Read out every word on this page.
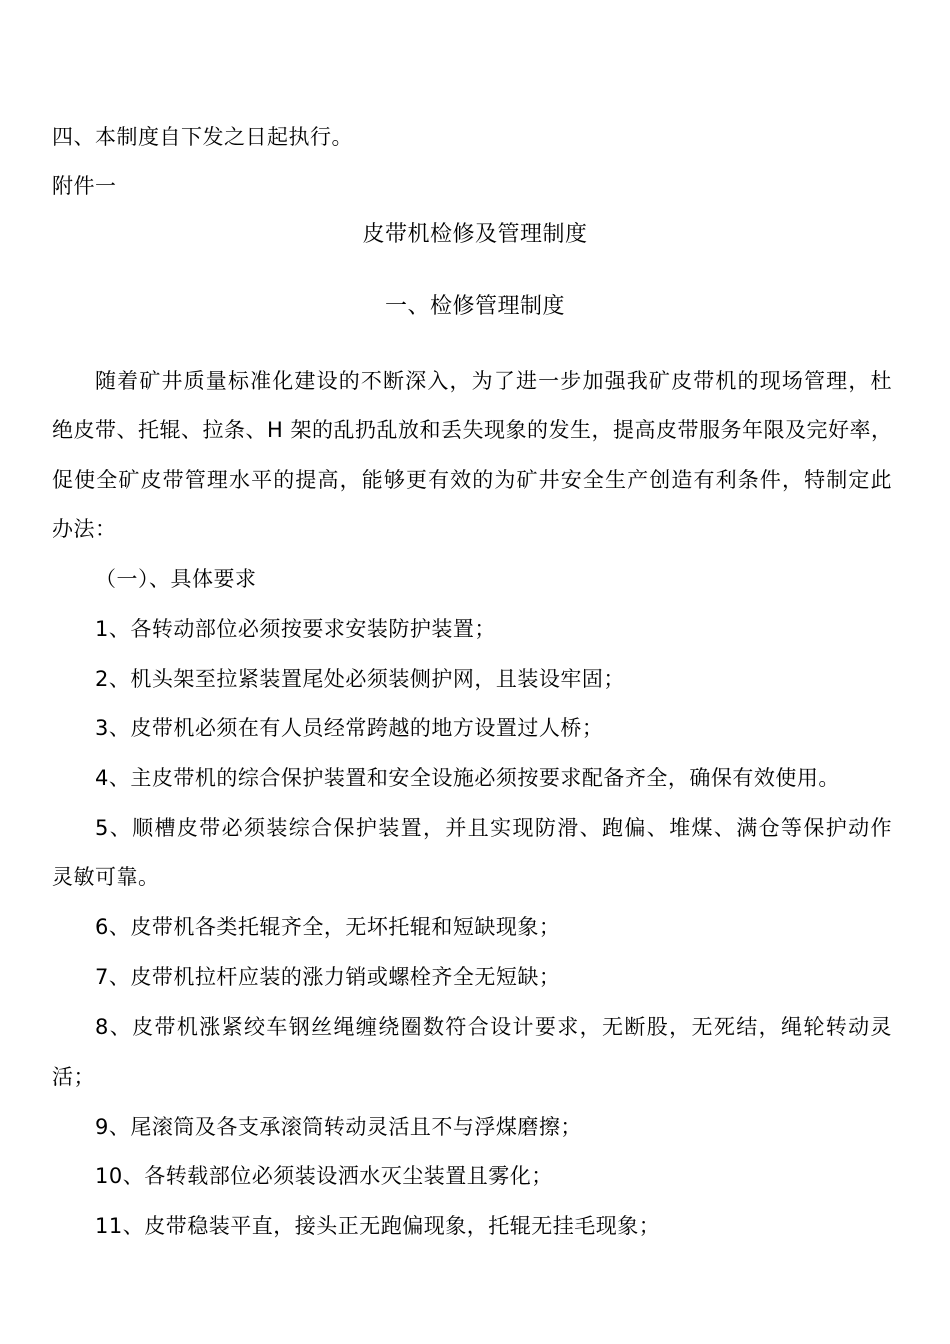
四、本制度自下发之日起执行。
附件一
皮带机检修及管理制度
一、检修管理制度
随着矿井质量标准化建设的不断深入，为了进一步加强我矿皮带机的现场管理，杜
绝皮带、托辊、拉条、H 架的乱扔乱放和丢失现象的发生，提高皮带服务年限及完好率，
促使全矿皮带管理水平的提高，能够更有效的为矿井安全生产创造有利条件，特制定此
办法：
（一）、具体要求
1、各转动部位必须按要求安装防护装置；
2、机头架至拉紧装置尾处必须装侧护网，且装设牢固；
3、皮带机必须在有人员经常跨越的地方设置过人桥；
4、主皮带机的综合保护装置和安全设施必须按要求配备齐全，确保有效使用。
5、顺槽皮带必须装综合保护装置，并且实现防滑、跑偏、堆煤、满仓等保护动作
灵敏可靠。
6、皮带机各类托辊齐全，无坏托辊和短缺现象；
7、皮带机拉杆应装的涨力销或螺栓齐全无短缺；
8、皮带机涨紧绞车钢丝绳缠绕圈数符合设计要求，无断股，无死结，绳轮转动灵
活；
9、尾滚筒及各支承滚筒转动灵活且不与浮煤磨擦；
10、各转载部位必须装设洒水灭尘装置且雾化；
11、皮带稳装平直，接头正无跑偏现象，托辊无挂毛现象；
